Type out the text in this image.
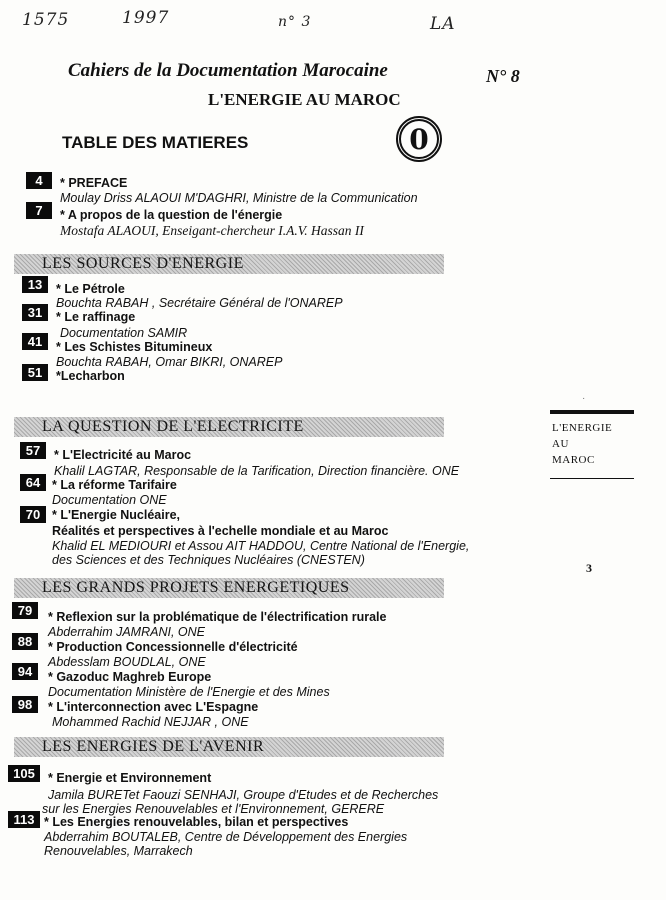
1575	1997	n° 3	LA
Cahiers de la Documentation Marocaine	N° 8
L'ENERGIE AU MAROC
0
TABLE DES MATIERES
4	* PREFACE
Moulay Driss ALAOUI M'DAGHRI, Ministre de la Communication
7	* A propos de la question de l'énergie
Mostafa ALAOUI, Enseigant-chercheur I.A.V. Hassan II
LES SOURCES D'ENERGIE
13	* Le Pétrole
Bouchta RABAH , Secrétaire Général de l'ONAREP
31	* Le raffinage
Documentation SAMIR
41	* Les Schistes Bitumineux
Bouchta RABAH, Omar BIKRI, ONAREP
51	*Lecharbon
LA QUESTION DE L'ELECTRICITE
57	* L'Electricité au Maroc
Khalil LAGTAR, Responsable de la Tarification, Direction financière. ONE
64 * La réforme Tarifaire
Documentation ONE
70 * L'Energie Nucléaire,
Réalités et perspectives à l'echelle mondiale et au Maroc
Khalid EL MEDIOURI et Assou AIT HADDOU, Centre National de l'Energie,
des Sciences et des Techniques Nucléaires (CNESTEN)
LES GRANDS PROJETS ENERGETIQUES
79	* Reflexion sur la problématique de l'électrification rurale
Abderrahim JAMRANI, ONE
88	* Production Concessionnelle d'électricité
Abdesslam BOUDLAL, ONE
94	* Gazoduc Maghreb Europe
Documentation Ministère de l'Energie et des Mines
98	* L'interconnection avec L'Espagne
Mohammed Rachid NEJJAR , ONE
LES ENERGIES DE L'AVENIR
105	* Energie et Environnement
Jamila BURETet Faouzi SENHAJI, Groupe d'Etudes et de Recherches
sur les Energies Renouvelables et l'Environnement, GERERE
113 * Les Energies renouvelables, bilan et perspectives
Abderrahim BOUTALEB, Centre de Développement des Energies
Renouvelables, Marrakech
·
L'ENERGIE
AU
MAROC
3
